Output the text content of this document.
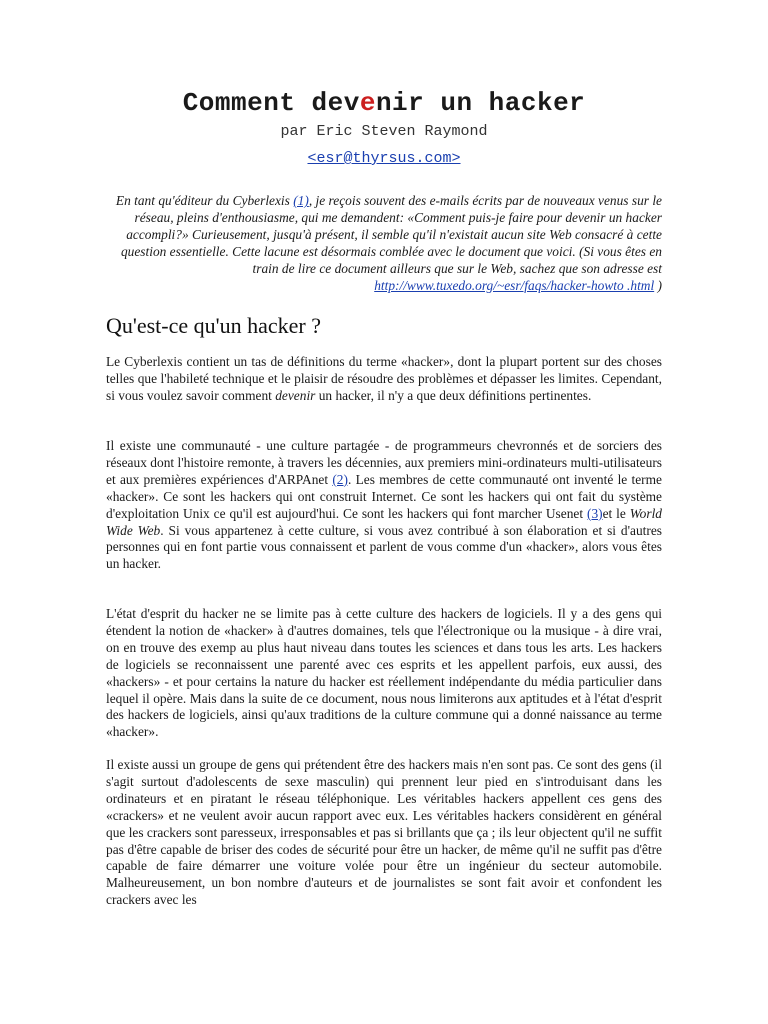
Comment devenir un hacker
par Eric Steven Raymond
<esr@thyrsus.com>

En tant qu'éditeur du Cyberlexis (1), je reçois souvent des e-mails écrits par de nouveaux venus sur le réseau, pleins d'enthousiasme, qui me demandent: «Comment puis-je faire pour devenir un hacker accompli?» Curieusement, jusqu'à présent, il semble qu'il n'existait aucun site Web consacré à cette question essentielle. Cette lacune est désormais comblée avec le document que voici. (Si vous êtes en train de lire ce document ailleurs que sur le Web, sachez que son adresse est http://www.tuxedo.org/~esr/faqs/hacker-howto .html )

Qu'est-ce qu'un hacker ?

Le Cyberlexis contient un tas de définitions du terme «hacker», dont la plupart portent sur des choses telles que l'habileté technique et le plaisir de résoudre des problèmes et dépasser les limites. Cependant, si vous voulez savoir comment devenir un hacker, il n'y a que deux définitions pertinentes.

Il existe une communauté - une culture partagée - de programmeurs chevronnés et de sorciers des réseaux dont l'histoire remonte, à travers les décennies, aux premiers mini-ordinateurs multi-utilisateurs et aux premières expériences d'ARPAnet (2). Les membres de cette communauté ont inventé le terme «hacker». Ce sont les hackers qui ont construit Internet. Ce sont les hackers qui ont fait du système d'exploitation Unix ce qu'il est aujourd'hui. Ce sont les hackers qui font marcher Usenet (3)et le World Wide Web. Si vous appartenez à cette culture, si vous avez contribué à son élaboration et si d'autres personnes qui en font partie vous connaissent et parlent de vous comme d'un «hacker», alors vous êtes un hacker.

L'état d'esprit du hacker ne se limite pas à cette culture des hackers de logiciels. Il y a des gens qui étendent la notion de «hacker» à d'autres domaines, tels que l'électronique ou la musique - à dire vrai, on en trouve des exemp au plus haut niveau dans toutes les sciences et dans tous les arts. Les hackers de logiciels se reconnaissent une parenté avec ces esprits et les appellent parfois, eux aussi, des «hackers» - et pour certains la nature du hacker est réellement indépendante du média particulier dans lequel il opère. Mais dans la suite de ce document, nous nous limiterons aux aptitudes et à l'état d'esprit des hackers de logiciels, ainsi qu'aux traditions de la culture commune qui a donné naissance au terme «hacker».

Il existe aussi un groupe de gens qui prétendent être des hackers mais n'en sont pas. Ce sont des gens (il s'agit surtout d'adolescents de sexe masculin) qui prennent leur pied en s'introduisant dans les ordinateurs et en piratant le réseau téléphonique. Les véritables hackers appellent ces gens des «crackers» et ne veulent avoir aucun rapport avec eux. Les véritables hackers considèrent en général que les crackers sont paresseux, irresponsables et pas si brillants que ça ; ils leur objectent qu'il ne suffit pas d'être capable de briser des codes de sécurité pour être un hacker, de même qu'il ne suffit pas d'être capable de faire démarrer une voiture volée pour être un ingénieur du secteur automobile. Malheureusement, un bon nombre d'auteurs et de journalistes se sont fait avoir et confondent les crackers avec les
